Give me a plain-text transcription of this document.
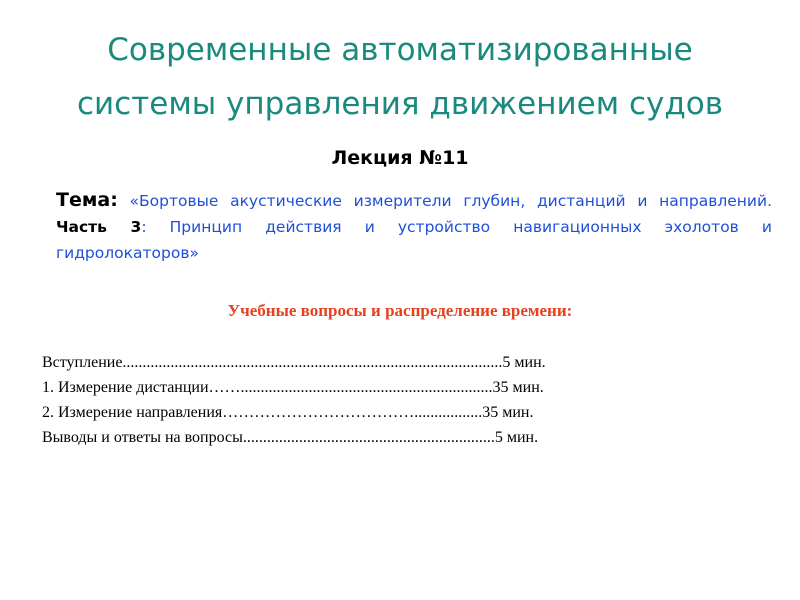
Современные автоматизированные
системы управления движением судов
Лекция №11
Тема: «Бортовые акустические измерители глубин, дистанций и направлений. Часть 3: Принцип действия и устройство навигационных эхолотов и гидролокаторов»
Учебные вопросы и распределение времени:
Вступление...............................................................................................5 мин.
1. Измерение дистанции……...............................................................35 мин.
2. Измерение направления……………………………….................35 мин.
Выводы и ответы на вопросы...............................................................5 мин.
